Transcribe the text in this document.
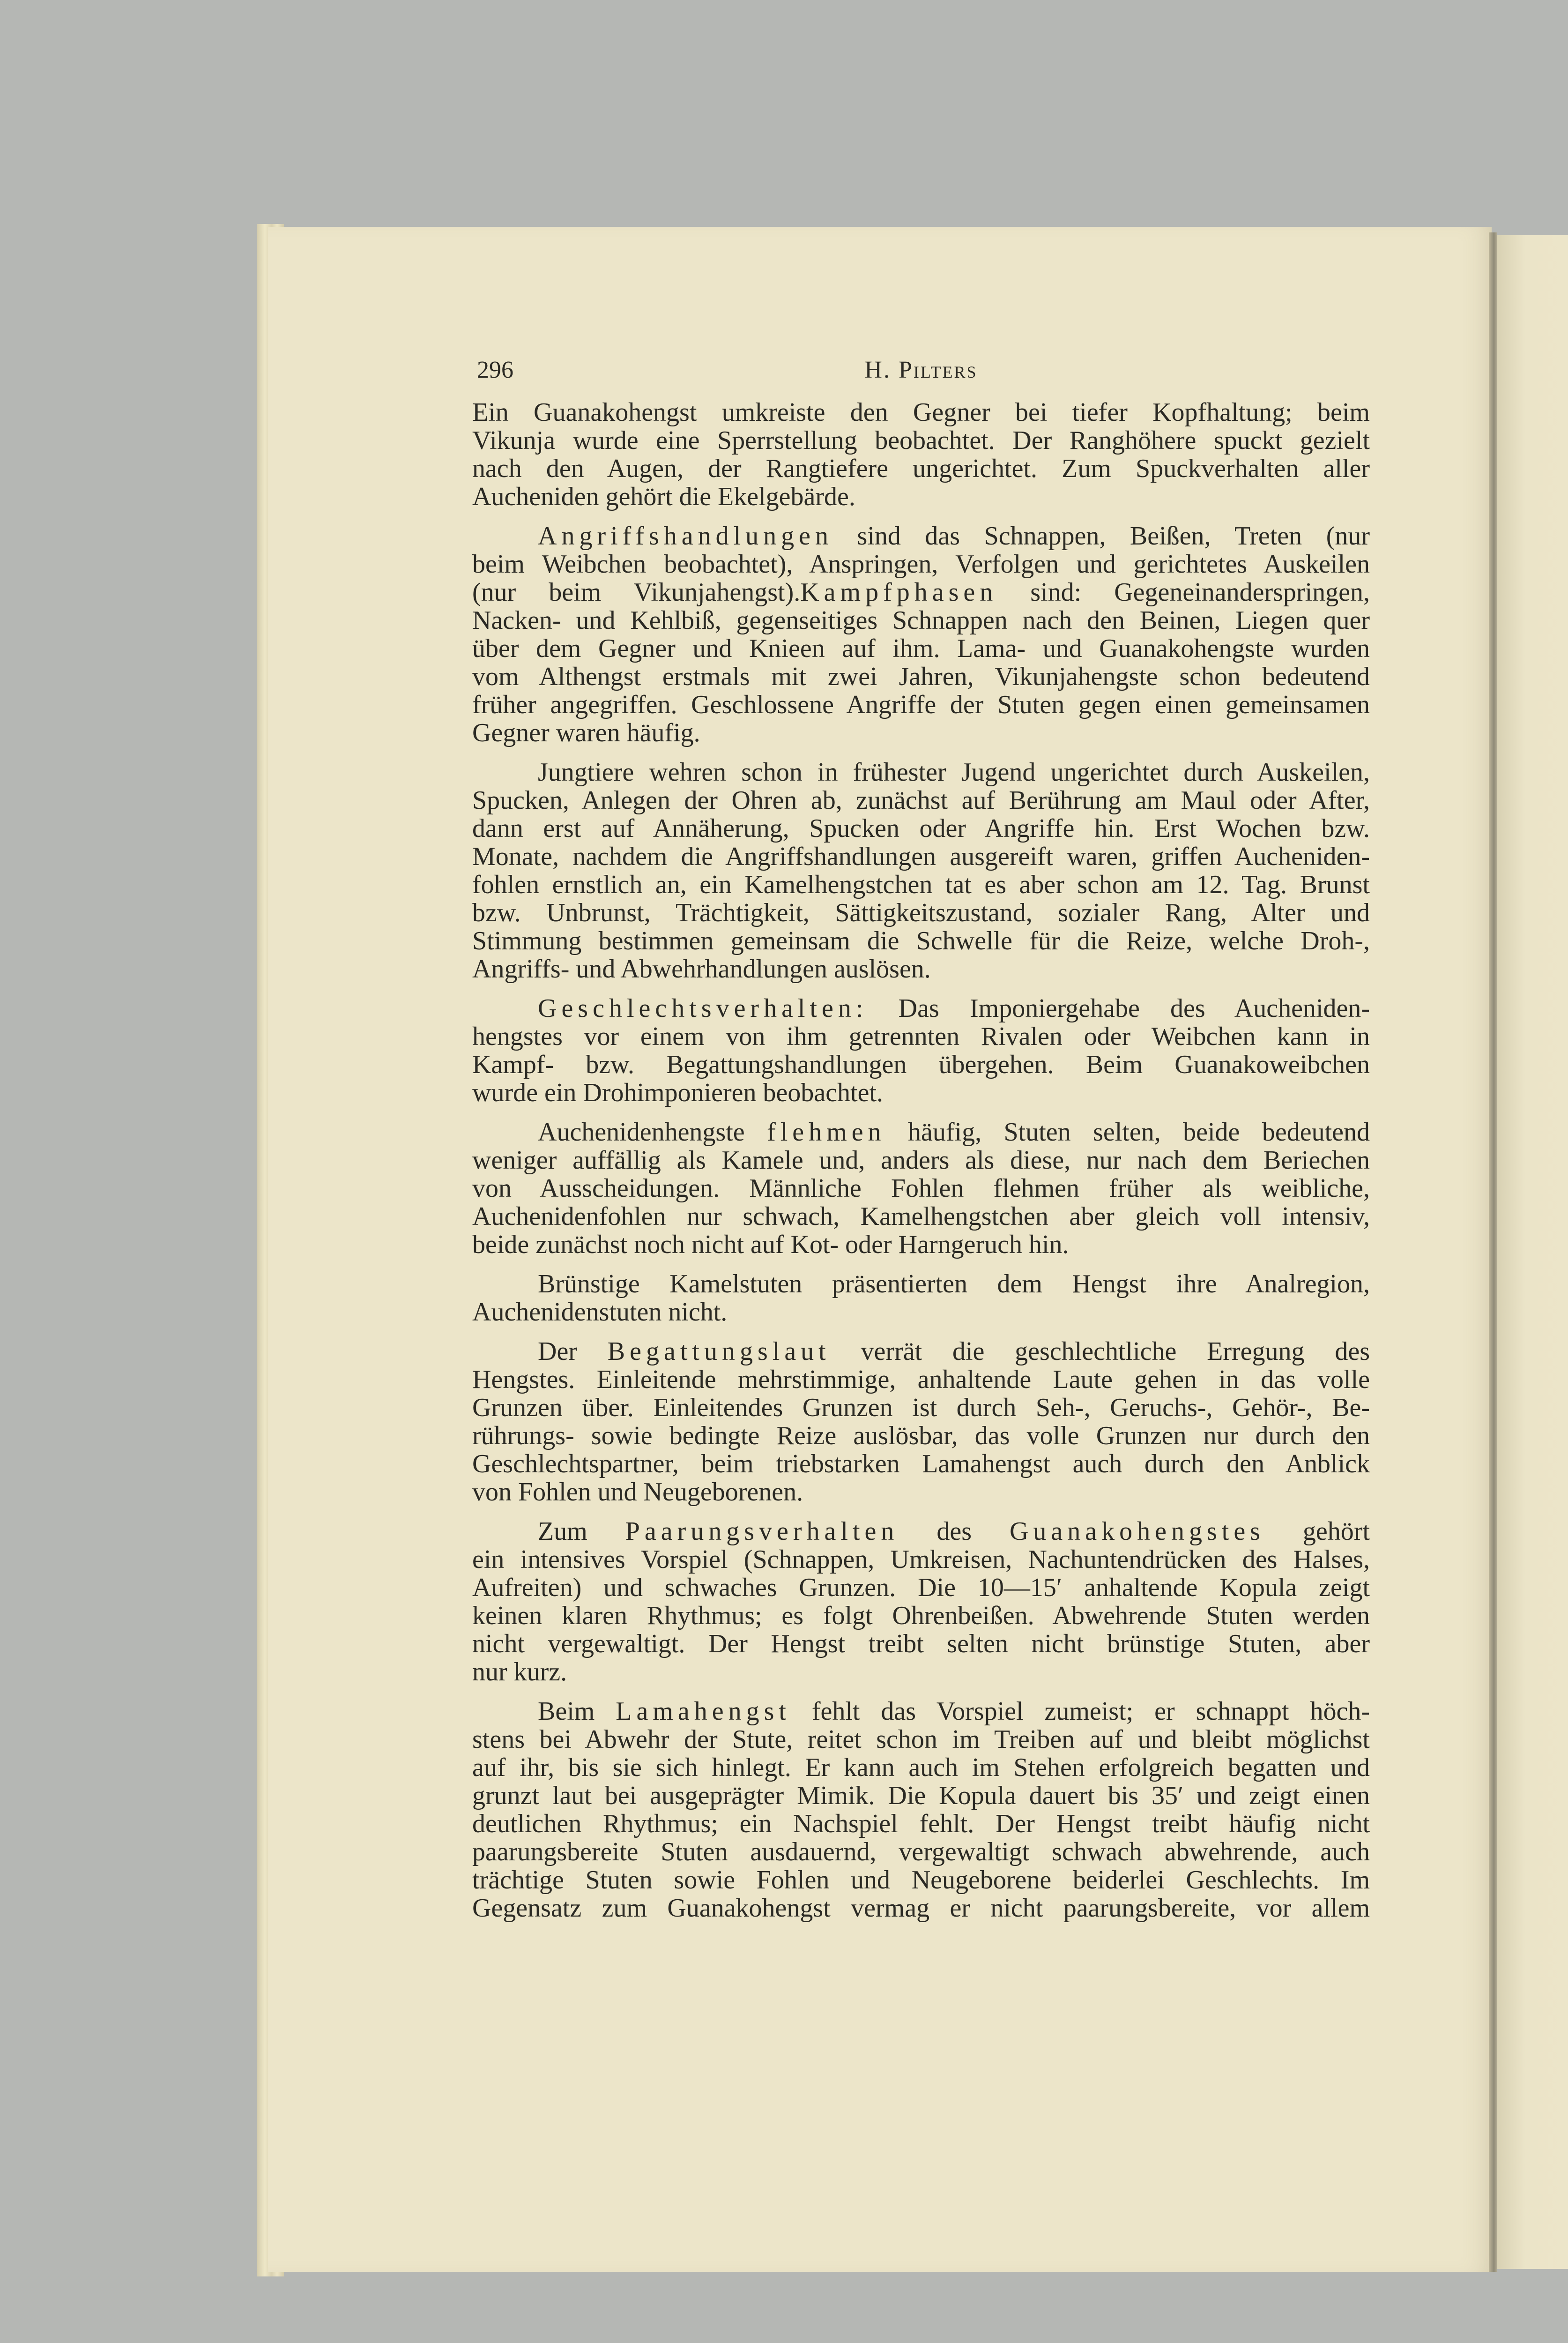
296	H. Pilters
Ein Guanakohengst umkreiste den Gegner bei tiefer Kopfhaltung; beim
Vikunja wurde eine Sperrstellung beobachtet. Der Ranghöhere spuckt gezielt
nach den Augen, der Rangtiefere ungerichtet. Zum Spuckverhalten aller
Aucheniden gehört die Ekelgebärde.
Angriffshandlungen sind das Schnappen, Beißen, Treten (nur
beim Weibchen beobachtet), Anspringen, Verfolgen und gerichtetes Auskeilen
(nur beim Vikunjahengst).Kampfphasen sind: Gegeneinanderspringen,
Nacken- und Kehlbiß, gegenseitiges Schnappen nach den Beinen, Liegen quer
über dem Gegner und Knieen auf ihm. Lama- und Guanakohengste wurden
vom Althengst erstmals mit zwei Jahren, Vikunjahengste schon bedeutend
früher angegriffen. Geschlossene Angriffe der Stuten gegen einen gemeinsamen
Gegner waren häufig.
Jungtiere wehren schon in frühester Jugend ungerichtet durch Auskeilen,
Spucken, Anlegen der Ohren ab, zunächst auf Berührung am Maul oder After,
dann erst auf Annäherung, Spucken oder Angriffe hin. Erst Wochen bzw.
Monate, nachdem die Angriffshandlungen ausgereift waren, griffen Aucheniden-
fohlen ernstlich an, ein Kamelhengstchen tat es aber schon am 12. Tag. Brunst
bzw. Unbrunst, Trächtigkeit, Sättigkeitszustand, sozialer Rang, Alter und
Stimmung bestimmen gemeinsam die Schwelle für die Reize, welche Droh-,
Angriffs- und Abwehrhandlungen auslösen.
Geschlechtsverhalten: Das Imponiergehabe des Aucheniden-
hengstes vor einem von ihm getrennten Rivalen oder Weibchen kann in
Kampf- bzw. Begattungshandlungen übergehen. Beim Guanakoweibchen
wurde ein Drohimponieren beobachtet.
Auchenidenhengste flehmen häufig, Stuten selten, beide bedeutend
weniger auffällig als Kamele und, anders als diese, nur nach dem Beriechen
von Ausscheidungen. Männliche Fohlen flehmen früher als weibliche,
Auchenidenfohlen nur schwach, Kamelhengstchen aber gleich voll intensiv,
beide zunächst noch nicht auf Kot- oder Harngeruch hin.
Brünstige Kamelstuten präsentierten dem Hengst ihre Analregion,
Auchenidenstuten nicht.
Der Begattungslaut verrät die geschlechtliche Erregung des
Hengstes. Einleitende mehrstimmige, anhaltende Laute gehen in das volle
Grunzen über. Einleitendes Grunzen ist durch Seh-, Geruchs-, Gehör-, Be-
rührungs- sowie bedingte Reize auslösbar, das volle Grunzen nur durch den
Geschlechtspartner, beim triebstarken Lamahengst auch durch den Anblick
von Fohlen und Neugeborenen.
Zum Paarungsverhalten des Guanakohengstes gehört
ein intensives Vorspiel (Schnappen, Umkreisen, Nachuntendrücken des Halses,
Aufreiten) und schwaches Grunzen. Die 10—15′ anhaltende Kopula zeigt
keinen klaren Rhythmus; es folgt Ohrenbeißen. Abwehrende Stuten werden
nicht vergewaltigt. Der Hengst treibt selten nicht brünstige Stuten, aber
nur kurz.
Beim Lamahengst fehlt das Vorspiel zumeist; er schnappt höch-
stens bei Abwehr der Stute, reitet schon im Treiben auf und bleibt möglichst
auf ihr, bis sie sich hinlegt. Er kann auch im Stehen erfolgreich begatten und
grunzt laut bei ausgeprägter Mimik. Die Kopula dauert bis 35′ und zeigt einen
deutlichen Rhythmus; ein Nachspiel fehlt. Der Hengst treibt häufig nicht
paarungsbereite Stuten ausdauernd, vergewaltigt schwach abwehrende, auch
trächtige Stuten sowie Fohlen und Neugeborene beiderlei Geschlechts. Im
Gegensatz zum Guanakohengst vermag er nicht paarungsbereite, vor allem
